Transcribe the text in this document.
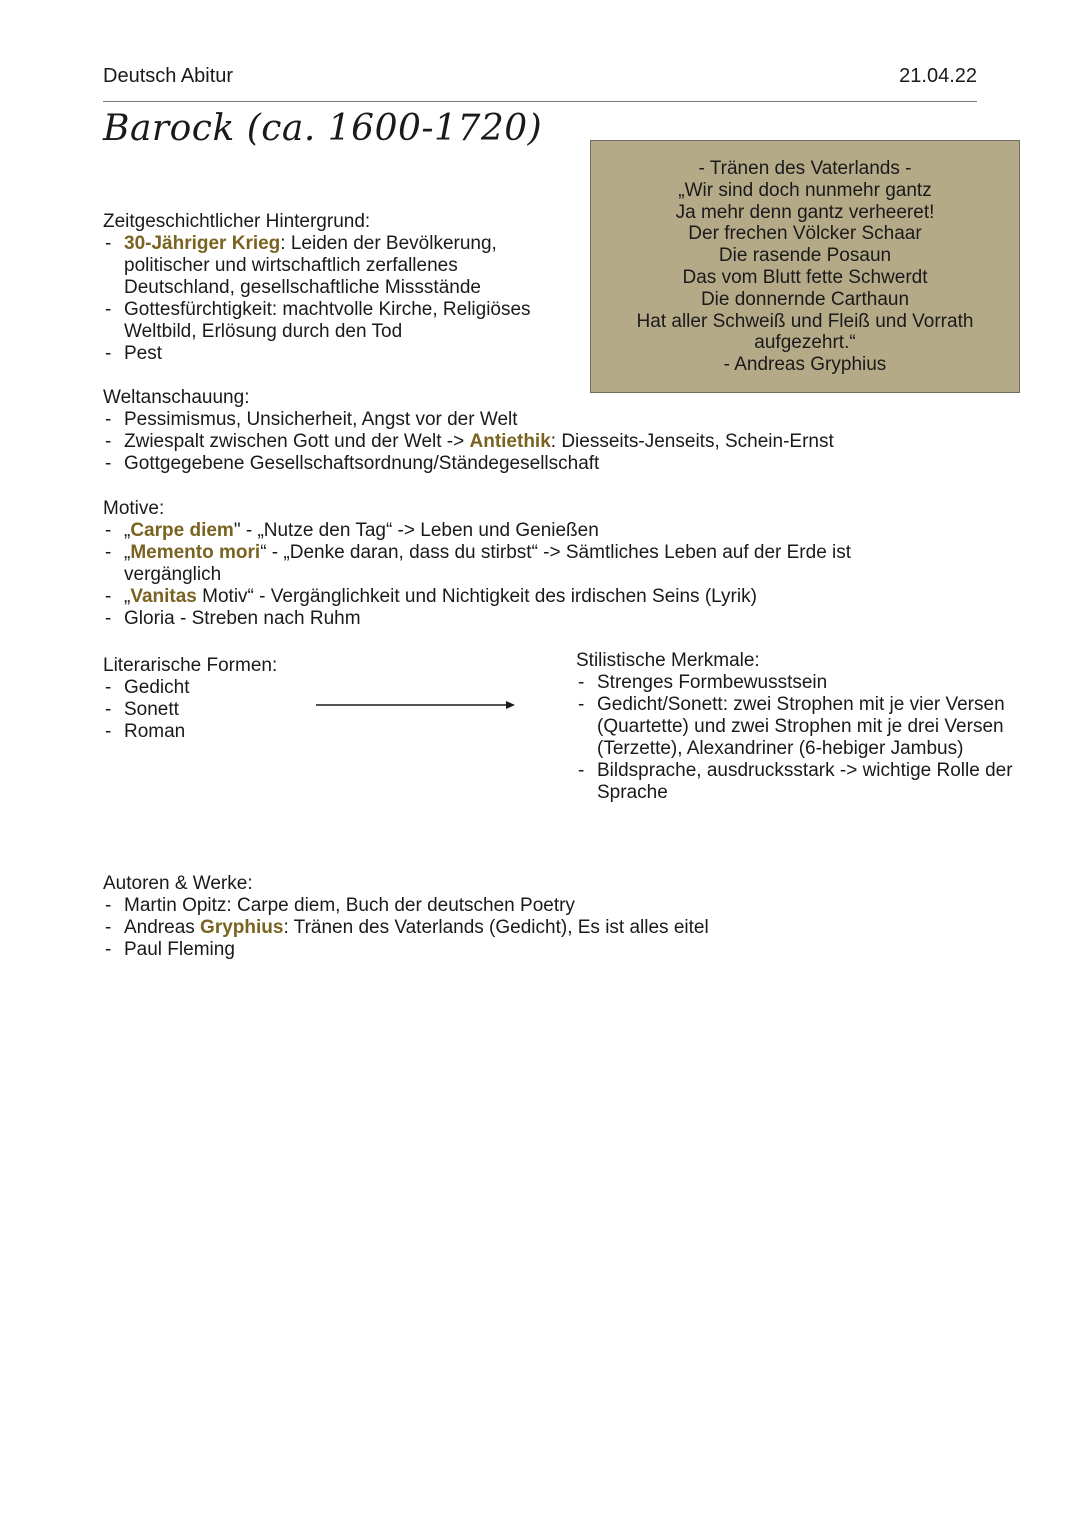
Deutsch Abitur	21.04.22
Barock (ca. 1600-1720)
- Tränen des Vaterlands -
„Wir sind doch nunmehr gantz
Ja mehr denn gantz verheeret!
Der frechen Völcker Schaar
Die rasende Posaun
Das vom Blutt fette Schwerdt
Die donnernde Carthaun
Hat aller Schweiß und Fleiß und Vorrath
aufgezehrt.“
- Andreas Gryphius
Zeitgeschichtlicher Hintergrund:
- 30-Jähriger Krieg: Leiden der Bevölkerung, politischer und wirtschaftlich zerfallenes Deutschland, gesellschaftliche Missstände
- Gottesfürchtigkeit: machtvolle Kirche, Religiöses Weltbild, Erlösung durch den Tod
- Pest
Weltanschauung:
- Pessimismus, Unsicherheit, Angst vor der Welt
- Zwiespalt zwischen Gott und der Welt -> Antiethik: Diesseits-Jenseits, Schein-Ernst
- Gottgegebene Gesellschaftsordnung/Ständegesellschaft
Motive:
- „Carpe diem" - „Nutze den Tag“ -> Leben und Genießen
- „Memento mori“ - „Denke daran, dass du stirbst“ -> Sämtliches Leben auf der Erde ist vergänglich
- „Vanitas Motiv“ - Vergänglichkeit und Nichtigkeit des irdischen Seins (Lyrik)
- Gloria - Streben nach Ruhm
Literarische Formen:
- Gedicht
- Sonett
- Roman
Stilistische Merkmale:
- Strenges Formbewusstsein
- Gedicht/Sonett: zwei Strophen mit je vier Versen (Quartette) und zwei Strophen mit je drei Versen (Terzette), Alexandriner (6-hebiger Jambus)
- Bildsprache, ausdrucksstark -> wichtige Rolle der Sprache
Autoren & Werke:
- Martin Opitz: Carpe diem, Buch der deutschen Poetry
- Andreas Gryphius: Tränen des Vaterlands (Gedicht), Es ist alles eitel
- Paul Fleming
